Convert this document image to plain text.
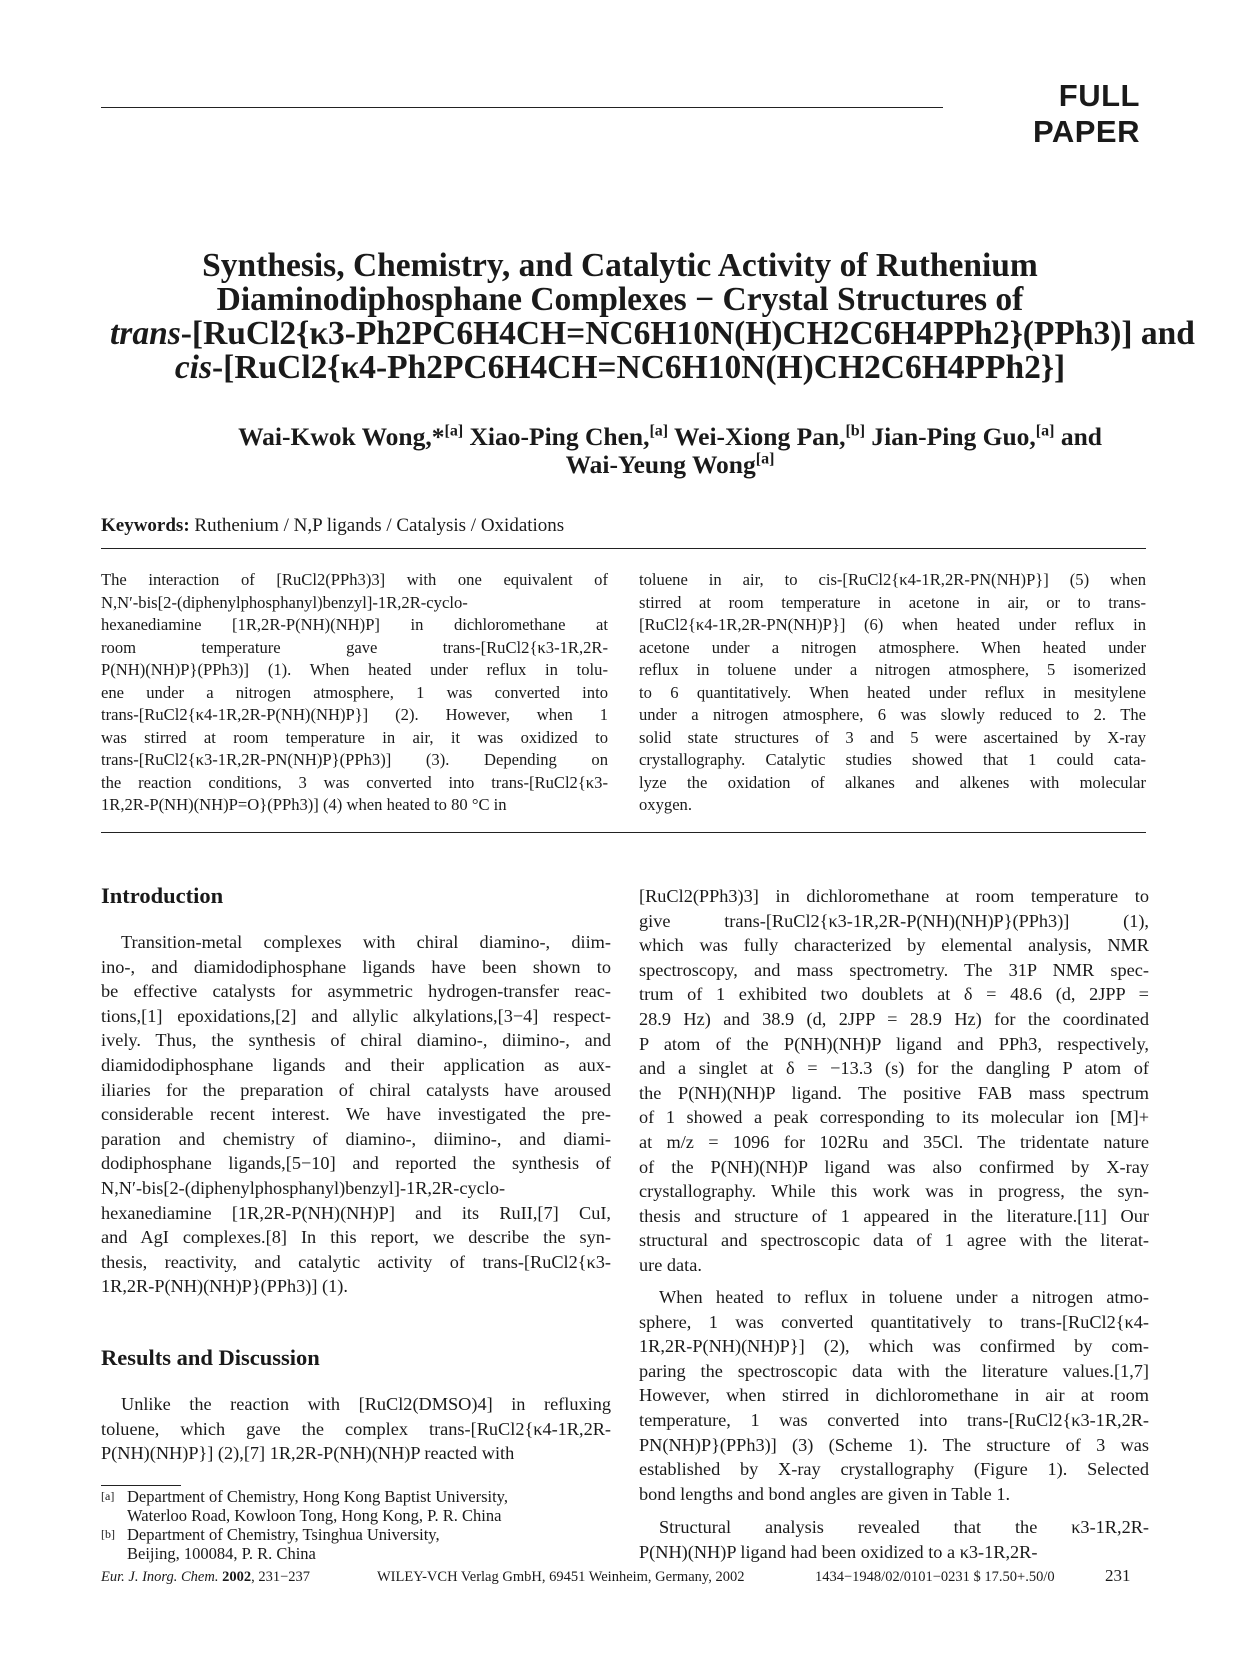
FULL PAPER
Synthesis, Chemistry, and Catalytic Activity of Ruthenium
Diaminodiphosphane Complexes − Crystal Structures of
trans-[RuCl2{κ3-Ph2PC6H4CH=NC6H10N(H)CH2C6H4PPh2}(PPh3)] and
cis-[RuCl2{κ4-Ph2PC6H4CH=NC6H10N(H)CH2C6H4PPh2}]
Wai-Kwok Wong,*[a] Xiao-Ping Chen,[a] Wei-Xiong Pan,[b] Jian-Ping Guo,[a] and
Wai-Yeung Wong[a]
Keywords: Ruthenium / N,P ligands / Catalysis / Oxidations
The interaction of [RuCl2(PPh3)3] with one equivalent of
N,N′-bis[2-(diphenylphosphanyl)benzyl]-1R,2R-cyclo-
hexanediamine [1R,2R-P(NH)(NH)P] in dichloromethane at
room temperature gave trans-[RuCl2{κ3-1R,2R-
P(NH)(NH)P}(PPh3)] (1). When heated under reflux in tolu-
ene under a nitrogen atmosphere, 1 was converted into
trans-[RuCl2{κ4-1R,2R-P(NH)(NH)P}] (2). However, when 1
was stirred at room temperature in air, it was oxidized to
trans-[RuCl2{κ3-1R,2R-PN(NH)P}(PPh3)] (3). Depending on
the reaction conditions, 3 was converted into trans-[RuCl2{κ3-
1R,2R-P(NH)(NH)P=O}(PPh3)] (4) when heated to 80 °C in
toluene in air, to cis-[RuCl2{κ4-1R,2R-PN(NH)P}] (5) when
stirred at room temperature in acetone in air, or to trans-
[RuCl2{κ4-1R,2R-PN(NH)P}] (6) when heated under reflux in
acetone under a nitrogen atmosphere. When heated under
reflux in toluene under a nitrogen atmosphere, 5 isomerized
to 6 quantitatively. When heated under reflux in mesitylene
under a nitrogen atmosphere, 6 was slowly reduced to 2. The
solid state structures of 3 and 5 were ascertained by X-ray
crystallography. Catalytic studies showed that 1 could cata-
lyze the oxidation of alkanes and alkenes with molecular
oxygen.
Introduction
Transition-metal complexes with chiral diamino-, diim-
ino-, and diamidodiphosphane ligands have been shown to
be effective catalysts for asymmetric hydrogen-transfer reac-
tions,[1] epoxidations,[2] and allylic alkylations,[3−4] respect-
ively. Thus, the synthesis of chiral diamino-, diimino-, and
diamidodiphosphane ligands and their application as aux-
iliaries for the preparation of chiral catalysts have aroused
considerable recent interest. We have investigated the pre-
paration and chemistry of diamino-, diimino-, and diami-
dodiphosphane ligands,[5−10] and reported the synthesis of
N,N′-bis[2-(diphenylphosphanyl)benzyl]-1R,2R-cyclo-
hexanediamine [1R,2R-P(NH)(NH)P] and its RuII,[7] CuI,
and AgI complexes.[8] In this report, we describe the syn-
thesis, reactivity, and catalytic activity of trans-[RuCl2{κ3-
1R,2R-P(NH)(NH)P}(PPh3)] (1).
Results and Discussion
Unlike the reaction with [RuCl2(DMSO)4] in refluxing
toluene, which gave the complex trans-[RuCl2{κ4-1R,2R-
P(NH)(NH)P}] (2),[7] 1R,2R-P(NH)(NH)P reacted with
[a] Department of Chemistry, Hong Kong Baptist University,
Waterloo Road, Kowloon Tong, Hong Kong, P. R. China
[b] Department of Chemistry, Tsinghua University,
Beijing, 100084, P. R. China
[RuCl2(PPh3)3] in dichloromethane at room temperature to
give trans-[RuCl2{κ3-1R,2R-P(NH)(NH)P}(PPh3)] (1),
which was fully characterized by elemental analysis, NMR
spectroscopy, and mass spectrometry. The 31P NMR spec-
trum of 1 exhibited two doublets at δ = 48.6 (d, 2JPP =
28.9 Hz) and 38.9 (d, 2JPP = 28.9 Hz) for the coordinated
P atom of the P(NH)(NH)P ligand and PPh3, respectively,
and a singlet at δ = −13.3 (s) for the dangling P atom of
the P(NH)(NH)P ligand. The positive FAB mass spectrum
of 1 showed a peak corresponding to its molecular ion [M]+
at m/z = 1096 for 102Ru and 35Cl. The tridentate nature
of the P(NH)(NH)P ligand was also confirmed by X-ray
crystallography. While this work was in progress, the syn-
thesis and structure of 1 appeared in the literature.[11] Our
structural and spectroscopic data of 1 agree with the literat-
ure data.
When heated to reflux in toluene under a nitrogen atmo-
sphere, 1 was converted quantitatively to trans-[RuCl2{κ4-
1R,2R-P(NH)(NH)P}] (2), which was confirmed by com-
paring the spectroscopic data with the literature values.[1,7]
However, when stirred in dichloromethane in air at room
temperature, 1 was converted into trans-[RuCl2{κ3-1R,2R-
PN(NH)P}(PPh3)] (3) (Scheme 1). The structure of 3 was
established by X-ray crystallography (Figure 1). Selected
bond lengths and bond angles are given in Table 1.
Structural analysis revealed that the κ3-1R,2R-
P(NH)(NH)P ligand had been oxidized to a κ3-1R,2R-
Eur. J. Inorg. Chem. 2002, 231−237	WILEY-VCH Verlag GmbH, 69451 Weinheim, Germany, 2002	1434−1948/02/0101−0231 $ 17.50+.50/0	231
